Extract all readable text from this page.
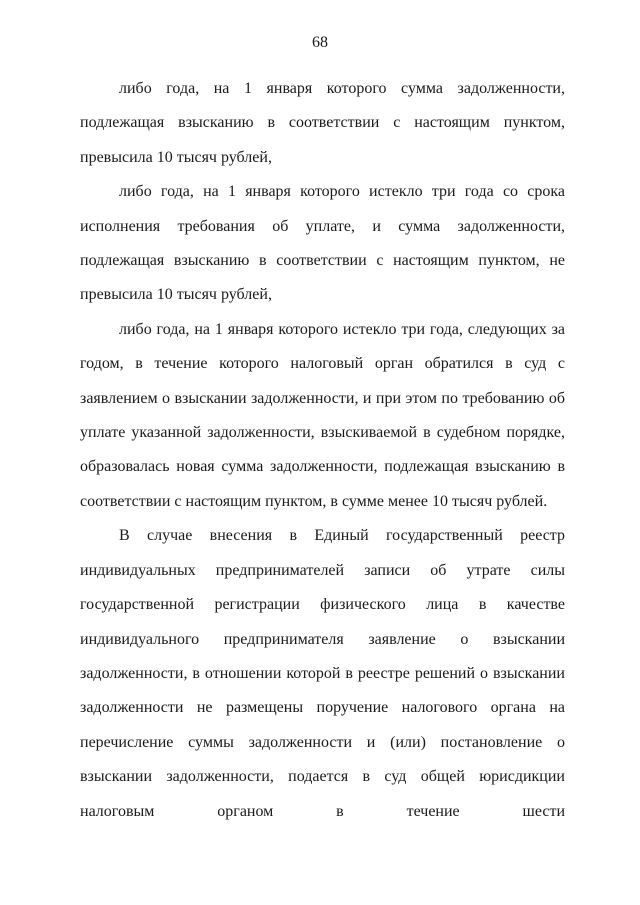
68

либо года, на 1 января которого сумма задолженности, подлежащая взысканию в соответствии с настоящим пунктом, превысила 10 тысяч рублей,

либо года, на 1 января которого истекло три года со срока исполнения требования об уплате, и сумма задолженности, подлежащая взысканию в соответствии с настоящим пунктом, не превысила 10 тысяч рублей,

либо года, на 1 января которого истекло три года, следующих за годом, в течение которого налоговый орган обратился в суд с заявлением о взыскании задолженности, и при этом по требованию об уплате указанной задолженности, взыскиваемой в судебном порядке, образовалась новая сумма задолженности, подлежащая взысканию в соответствии с настоящим пунктом, в сумме менее 10 тысяч рублей.

В случае внесения в Единый государственный реестр индивидуальных предпринимателей записи об утрате силы государственной регистрации физического лица в качестве индивидуального предпринимателя заявление о взыскании задолженности, в отношении которой в реестре решений о взыскании задолженности не размещены поручение налогового органа на перечисление суммы задолженности и (или) постановление о взыскании задолженности, подается в суд общей юрисдикции налоговым органом в течение шести
